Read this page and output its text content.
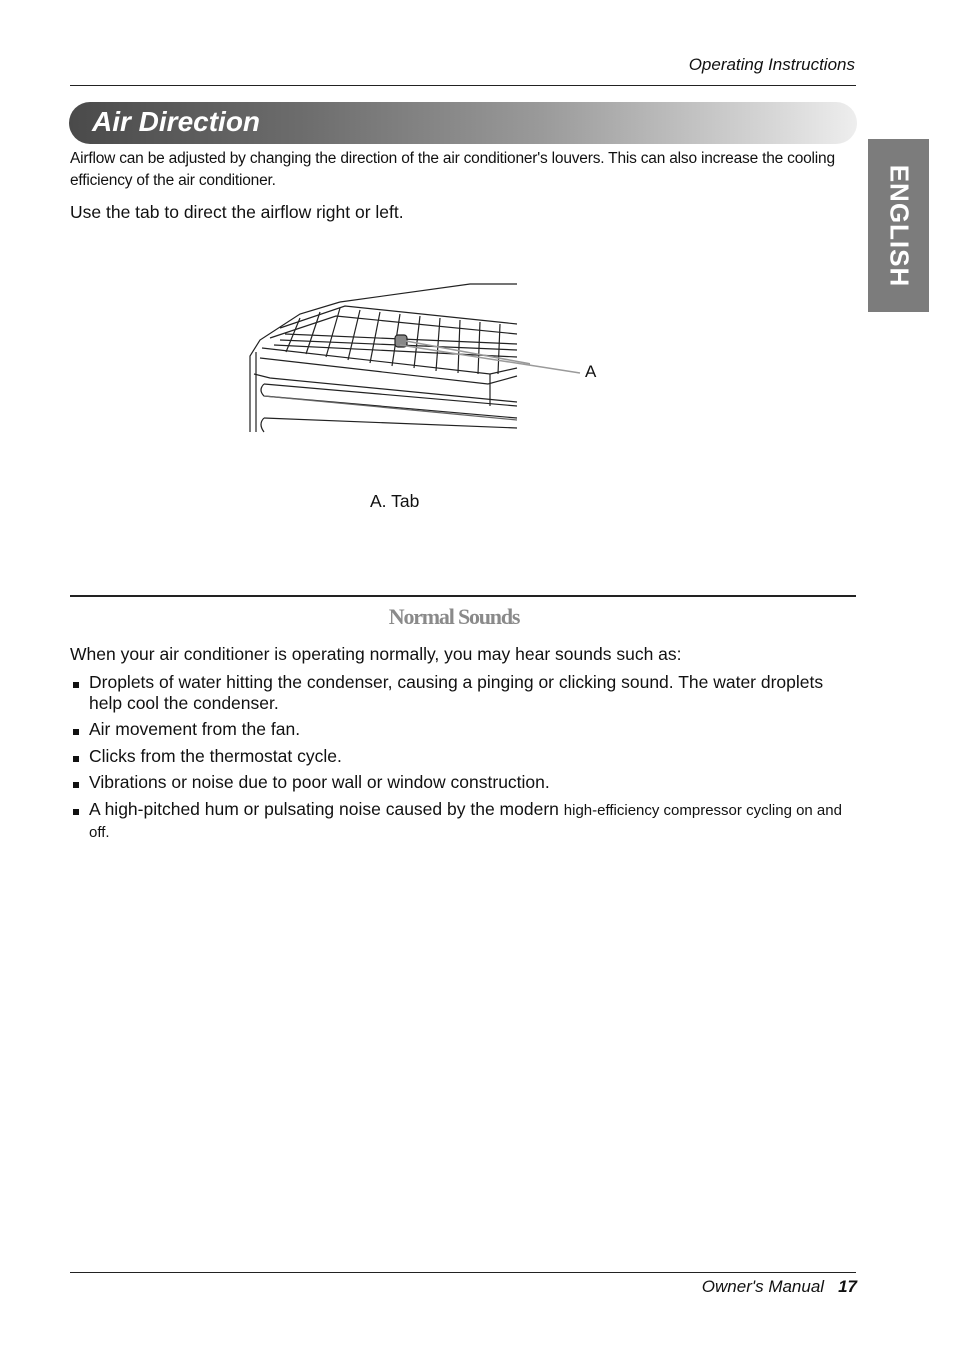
Operating Instructions
Air Direction
ENGLISH
Airflow can be adjusted by changing the direction of the air conditioner's louvers. This can also increase the cooling efficiency of the air conditioner.
Use the tab to direct the airflow right or left.
A
A. Tab
Normal Sounds
When your air conditioner is operating normally, you may hear sounds such as:
Droplets of water hitting the condenser, causing a pinging or clicking sound. The water droplets help cool the condenser.
Air movement from the fan.
Clicks from the thermostat cycle.
Vibrations or noise due to poor wall or window construction.
A high-pitched hum or pulsating noise caused by the modern high-efficiency compressor cycling on and off.
Owner's Manual 17
